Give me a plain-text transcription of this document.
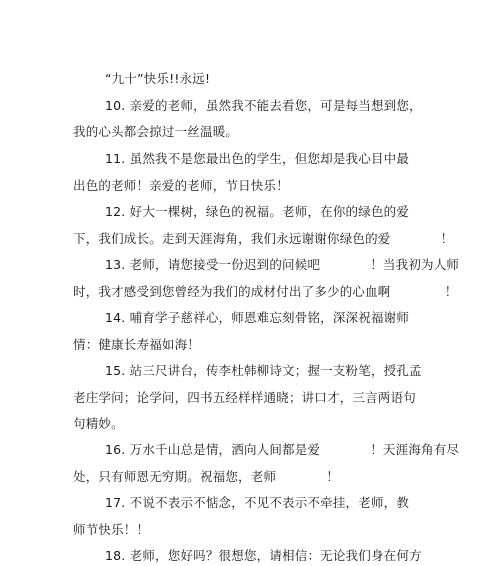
“九十”快乐!!永远!
10. 亲爱的老师，虽然我不能去看您，可是每当想到您，
我的心头都会掠过一丝温暖。
11. 虽然我不是您最出色的学生，但您却是我心目中最
出色的老师！亲爱的老师，节日快乐！
12. 好大一棵树，绿色的祝福。老师，在你的绿色的爱
下，我们成长。走到天涯海角，我们永远谢谢你绿色的爱            ！
13. 老师，请您接受一份迟到的问候吧            ！当我初为人师
时，我才感受到您曾经为我们的成材付出了多少的心血啊             ！
14. 哺育学子慈祥心，师恩难忘刻骨铭，深深祝福谢师
情：健康长寿福如海！
15. 站三尺讲台，传李杜韩柳诗文；握一支粉笔，授孔孟
老庄学问；论学问，四书五经样样通晓；讲口才，三言两语句
句精妙。
16. 万水千山总是情，洒向人间都是爱            ！天涯海角有尽
处，只有师恩无穷期。祝福您，老师            ！
17. 不说不表示不惦念，不见不表示不牵挂，老师，教
师节快乐！！
18. 老师，您好吗？很想您，请相信：无论我们身在何方
